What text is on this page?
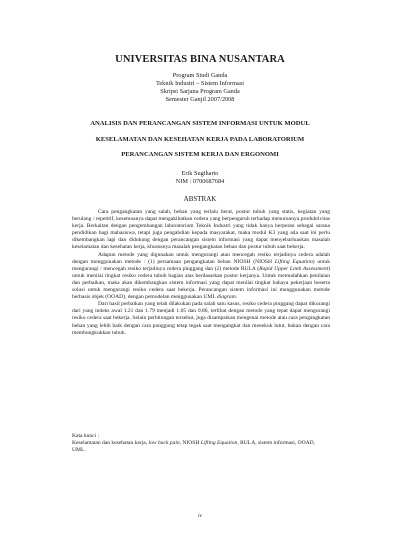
UNIVERSITAS BINA NUSANTARA
Program Studi Ganda
Teknik Industri – Sistem Informasi
Skripsi Sarjana Program Ganda
Semester Ganjil 2007/2008
ANALISIS DAN PERANCANGAN SISTEM INFORMASI UNTUK MODUL
KESELAMATAN DAN KESEHATAN KERJA PADA LABORATORIUM
PERANCANGAN SISTEM KERJA DAN ERGONOMI
Erik Sugiharto
NIM : 0700687684
ABSTRAK

Cara pengangkatan yang salah, beban yang terlalu berat, postur tubuh yang statis, kegiatan yang berulang / repetitif, kesemuanya dapat mengakibatkan cedera yang berpengaruh terhadap menurunnya produktivitas kerja. Berkaitan dengan pengembangan laboratorium Teknik Industri yang tidak hanya berperan sebagai sarana pendidikan bagi mahasiswa, tetapi juga pengabdian kepada masyarakat, maka modul K3 yang ada saat ini perlu dikembangkan lagi dan didukung dengan perancangan sistem informasi yang dapat menyebarluaskan masalah keselamatan dan kesehatan kerja, khususnya masalah pengangkatan beban dan postur tubuh saat bekerja.

Adapun metode yang digunakan untuk mengurangi atau mencegah resiko terjadinya cedera adalah dengan menggunakan metode : (1) persamaan pengangkatan beban NIOSH (NIOSH Lifting Equation) untuk mengurangi / mencegah resiko terjadinya cedera pinggang dan (2) metode RULA (Rapid Upper Limb Assessment) untuk menilai tingkat resiko cedera tubuh bagian atas berdasarkan postur kerjanya. Untuk memudahkan penilaian dan perbaikan, maka akan dikembangkan sistem informasi yang dapat menilai tingkat bahaya pekerjaan beserta solusi untuk mengurangi resiko cedera saat bekerja. Perancangan sistem informasi ini menggunakan metode berbasis objek (OOAD), dengan pemodelan menggunakan UML diagram.

Dari hasil perbaikan yang telah dilakukan pada salah satu kasus, resiko cedera pinggang dapat dikurangi dari yang indeks awal 1.21 dan 1.79 menjadi 1.05 dan 0.86, terlihat dengan metode yang tepat dapat mengurangi resiko cedera saat bekerja. Selain perhitungan tersebut, juga disampaikan mengenai metode atau cara pengangkatan beban yang lebih baik dengan cara punggung tetap tegak saat mengangkat dan menekuk lutut, bukan dengan cara membungkukkan tubuh.

Kata kunci :

Keselamatan dan kesehatan kerja, low back pain, NIOSH Lifting Equation, RULA, sistem informasi, OOAD, UML.

iv
